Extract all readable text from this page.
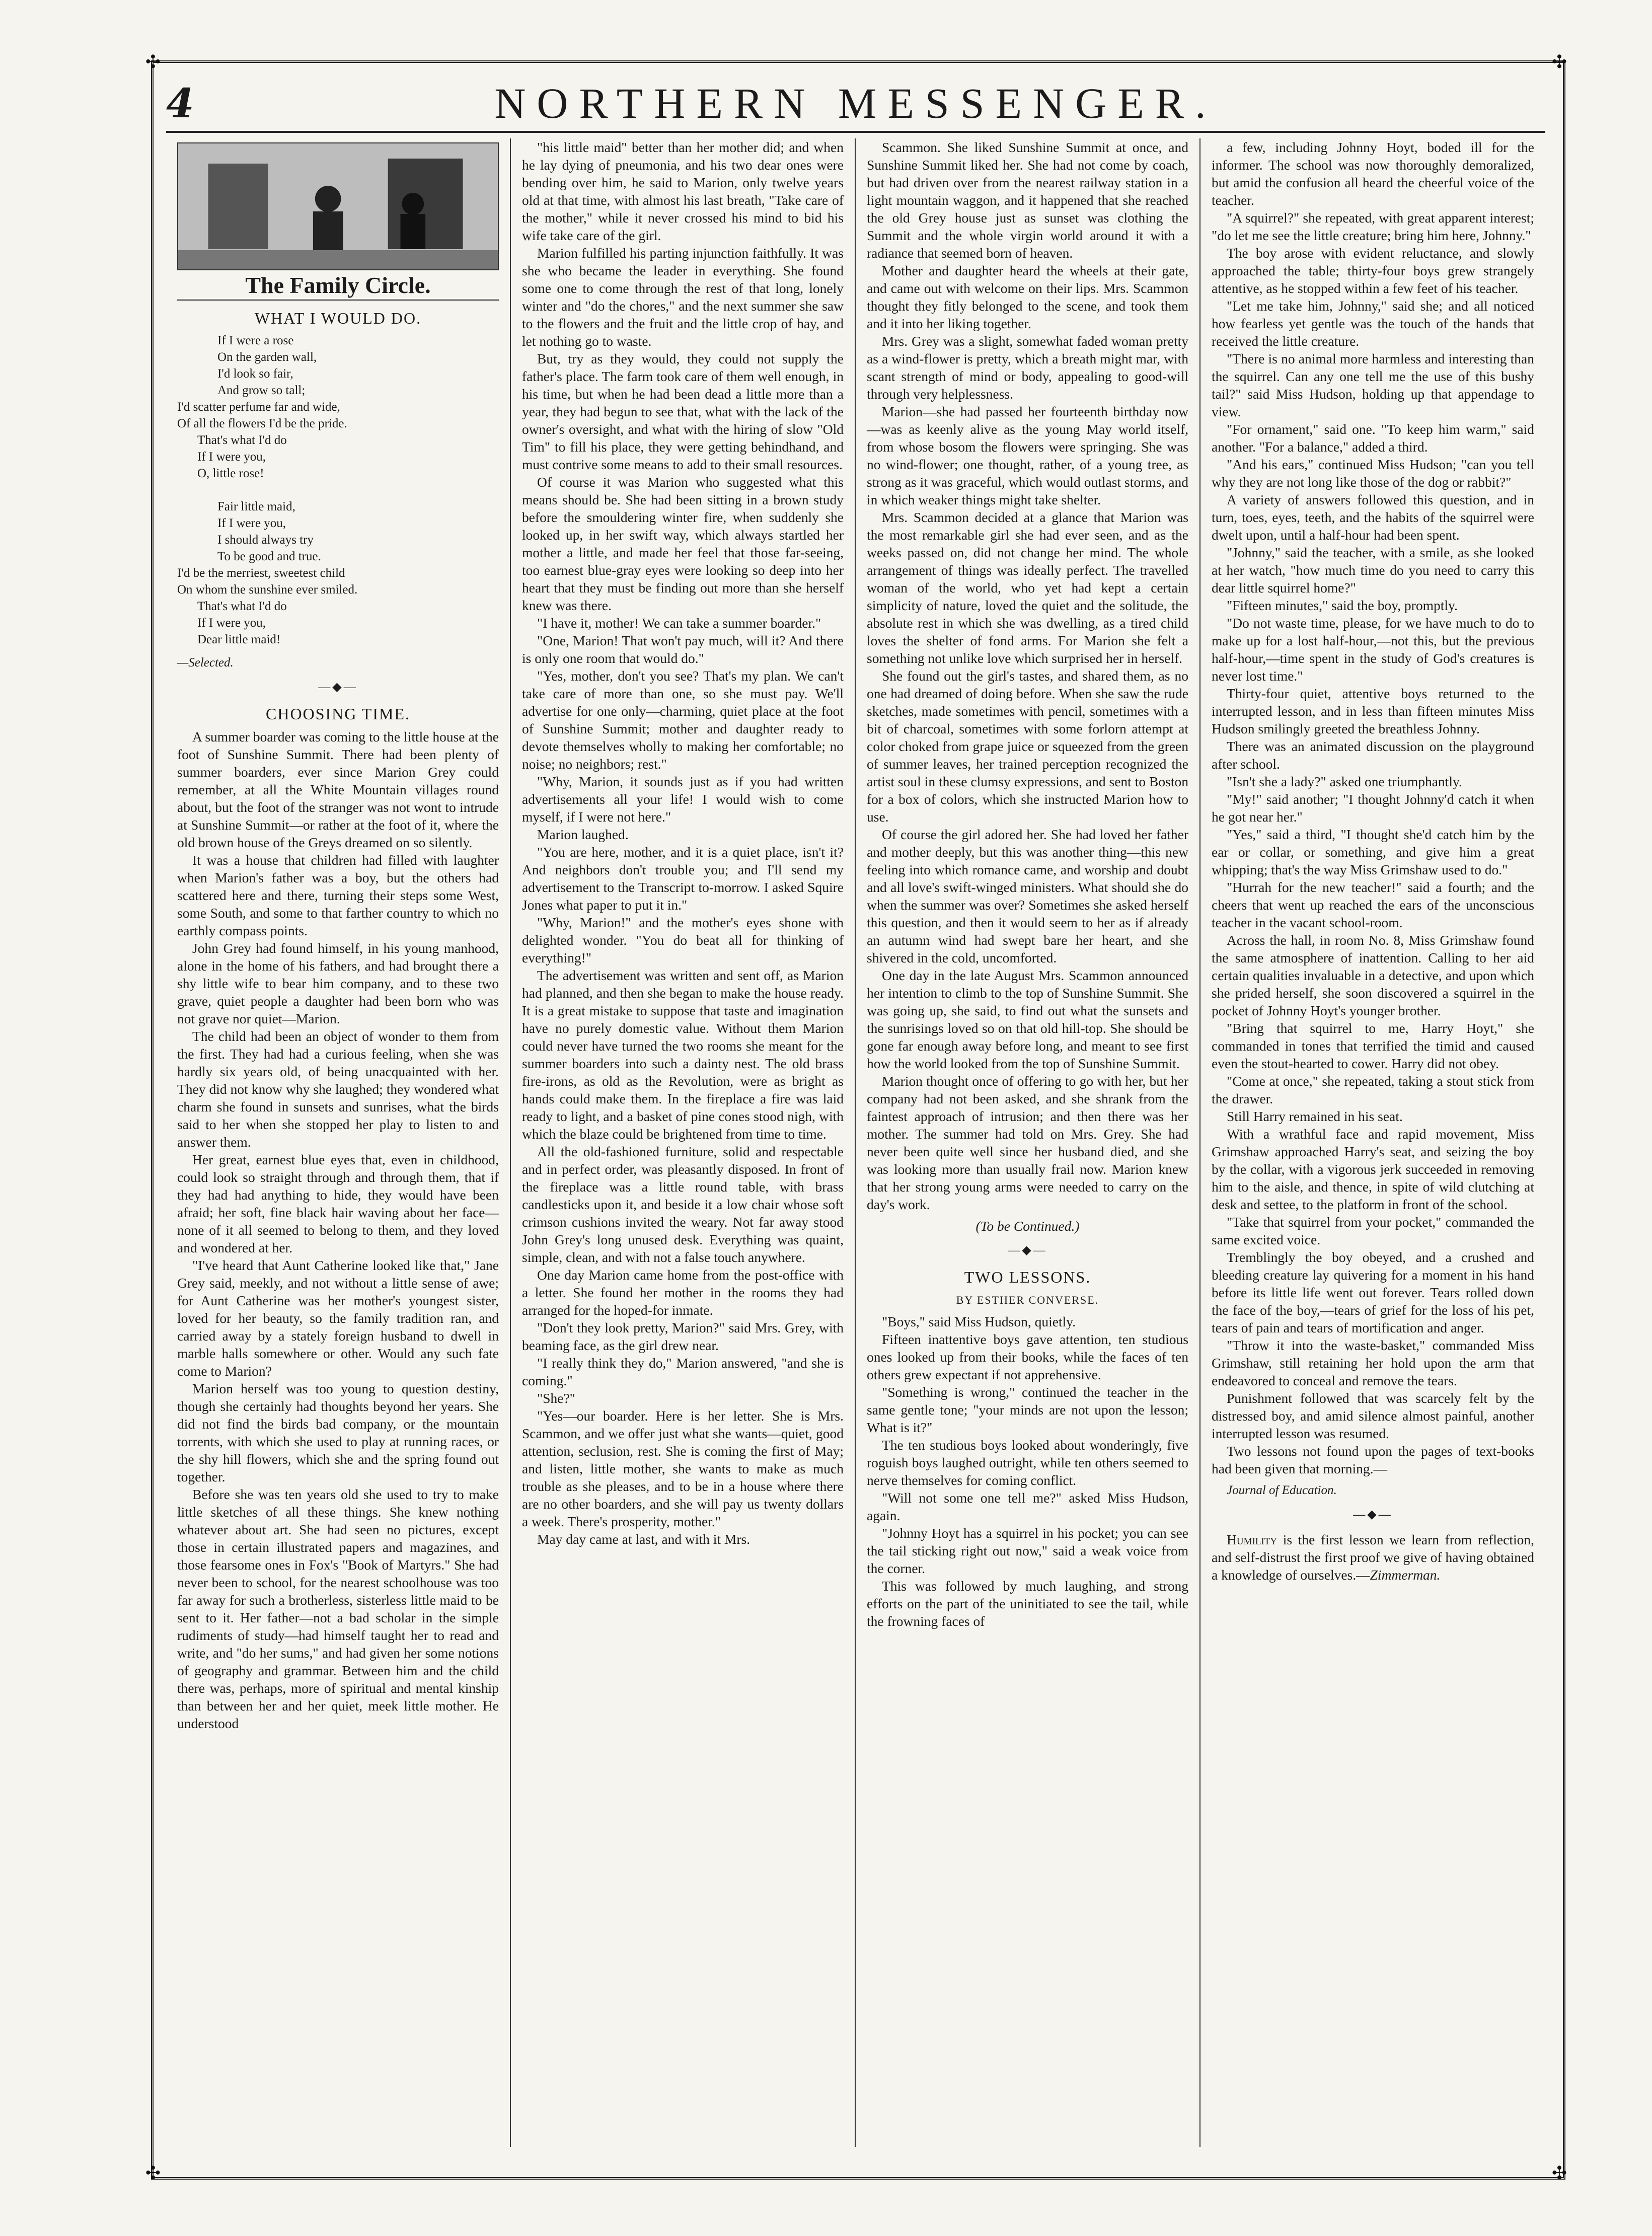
✣	✣
✣	✣
4	NORTHERN MESSENGER.
The Family Circle.
WHAT I WOULD DO.
If I were a rose
On the garden wall,
I'd look so fair,
And grow so tall;
I'd scatter perfume far and wide,
Of all the flowers I'd be the pride.
That's what I'd do
If I were you,
O, little rose!

Fair little maid,
If I were you,
I should always try
To be good and true.
I'd be the merriest, sweetest child
On whom the sunshine ever smiled.
That's what I'd do
If I were you,
Dear little maid!
—Selected.
—◆—
CHOOSING TIME.

A summer boarder was coming to the little house at the foot of Sunshine Summit. There had been plenty of summer boarders, ever since Marion Grey could remember, at all the White Mountain villages round about, but the foot of the stranger was not wont to intrude at Sunshine Summit—or rather at the foot of it, where the old brown house of the Greys dreamed on so silently.

It was a house that children had filled with laughter when Marion's father was a boy, but the others had scattered here and there, turning their steps some West, some South, and some to that farther country to which no earthly compass points.

John Grey had found himself, in his young manhood, alone in the home of his fathers, and had brought there a shy little wife to bear him company, and to these two grave, quiet people a daughter had been born who was not grave nor quiet—Marion.

The child had been an object of wonder to them from the first. They had had a curious feeling, when she was hardly six years old, of being unacquainted with her. They did not know why she laughed; they wondered what charm she found in sunsets and sunrises, what the birds said to her when she stopped her play to listen to and answer them.

Her great, earnest blue eyes that, even in childhood, could look so straight through and through them, that if they had had anything to hide, they would have been afraid; her soft, fine black hair waving about her face—none of it all seemed to belong to them, and they loved and wondered at her.

"I've heard that Aunt Catherine looked like that," Jane Grey said, meekly, and not without a little sense of awe; for Aunt Catherine was her mother's youngest sister, loved for her beauty, so the family tradition ran, and carried away by a stately foreign husband to dwell in marble halls somewhere or other. Would any such fate come to Marion?

Marion herself was too young to question destiny, though she certainly had thoughts beyond her years. She did not find the birds bad company, or the mountain torrents, with which she used to play at running races, or the shy hill flowers, which she and the spring found out together.

Before she was ten years old she used to try to make little sketches of all these things. She knew nothing whatever about art. She had seen no pictures, except those in certain illustrated papers and magazines, and those fearsome ones in Fox's "Book of Martyrs." She had never been to school, for the nearest schoolhouse was too far away for such a brotherless, sisterless little maid to be sent to it. Her father—not a bad scholar in the simple rudiments of study—had himself taught her to read and write, and "do her sums," and had given her some notions of geography and grammar. Between him and the child there was, perhaps, more of spiritual and mental kinship than between her and her quiet, meek little mother. He understood

"his little maid" better than her mother did; and when he lay dying of pneumonia, and his two dear ones were bending over him, he said to Marion, only twelve years old at that time, with almost his last breath, "Take care of the mother," while it never crossed his mind to bid his wife take care of the girl.

Marion fulfilled his parting injunction faithfully. It was she who became the leader in everything. She found some one to come through the rest of that long, lonely winter and "do the chores," and the next summer she saw to the flowers and the fruit and the little crop of hay, and let nothing go to waste.

But, try as they would, they could not supply the father's place. The farm took care of them well enough, in his time, but when he had been dead a little more than a year, they had begun to see that, what with the lack of the owner's oversight, and what with the hiring of slow "Old Tim" to fill his place, they were getting behindhand, and must contrive some means to add to their small resources.

Of course it was Marion who suggested what this means should be. She had been sitting in a brown study before the smouldering winter fire, when suddenly she looked up, in her swift way, which always startled her mother a little, and made her feel that those far-seeing, too earnest blue-gray eyes were looking so deep into her heart that they must be finding out more than she herself knew was there.

"I have it, mother! We can take a summer boarder."

"One, Marion! That won't pay much, will it? And there is only one room that would do."

"Yes, mother, don't you see? That's my plan. We can't take care of more than one, so she must pay. We'll advertise for one only—charming, quiet place at the foot of Sunshine Summit; mother and daughter ready to devote themselves wholly to making her comfortable; no noise; no neighbors; rest."

"Why, Marion, it sounds just as if you had written advertisements all your life! I would wish to come myself, if I were not here."

Marion laughed.

"You are here, mother, and it is a quiet place, isn't it? And neighbors don't trouble you; and I'll send my advertisement to the Transcript to-morrow. I asked Squire Jones what paper to put it in."

"Why, Marion!" and the mother's eyes shone with delighted wonder. "You do beat all for thinking of everything!"

The advertisement was written and sent off, as Marion had planned, and then she began to make the house ready. It is a great mistake to suppose that taste and imagination have no purely domestic value. Without them Marion could never have turned the two rooms she meant for the summer boarders into such a dainty nest. The old brass fire-irons, as old as the Revolution, were as bright as hands could make them. In the fireplace a fire was laid ready to light, and a basket of pine cones stood nigh, with which the blaze could be brightened from time to time.

All the old-fashioned furniture, solid and respectable and in perfect order, was pleasantly disposed. In front of the fireplace was a little round table, with brass candlesticks upon it, and beside it a low chair whose soft crimson cushions invited the weary. Not far away stood John Grey's long unused desk. Everything was quaint, simple, clean, and with not a false touch anywhere.

One day Marion came home from the post-office with a letter. She found her mother in the rooms they had arranged for the hoped-for inmate.

"Don't they look pretty, Marion?" said Mrs. Grey, with beaming face, as the girl drew near.

"I really think they do," Marion answered, "and she is coming."

"She?"

"Yes—our boarder. Here is her letter. She is Mrs. Scammon, and we offer just what she wants—quiet, good attention, seclusion, rest. She is coming the first of May; and listen, little mother, she wants to make as much trouble as she pleases, and to be in a house where there are no other boarders, and she will pay us twenty dollars a week. There's prosperity, mother."

May day came at last, and with it Mrs.

Scammon. She liked Sunshine Summit at once, and Sunshine Summit liked her. She had not come by coach, but had driven over from the nearest railway station in a light mountain waggon, and it happened that she reached the old Grey house just as sunset was clothing the Summit and the whole virgin world around it with a radiance that seemed born of heaven.

Mother and daughter heard the wheels at their gate, and came out with welcome on their lips. Mrs. Scammon thought they fitly belonged to the scene, and took them and it into her liking together.

Mrs. Grey was a slight, somewhat faded woman pretty as a wind-flower is pretty, which a breath might mar, with scant strength of mind or body, appealing to good-will through very helplessness.

Marion—she had passed her fourteenth birthday now—was as keenly alive as the young May world itself, from whose bosom the flowers were springing. She was no wind-flower; one thought, rather, of a young tree, as strong as it was graceful, which would outlast storms, and in which weaker things might take shelter.

Mrs. Scammon decided at a glance that Marion was the most remarkable girl she had ever seen, and as the weeks passed on, did not change her mind. The whole arrangement of things was ideally perfect. The travelled woman of the world, who yet had kept a certain simplicity of nature, loved the quiet and the solitude, the absolute rest in which she was dwelling, as a tired child loves the shelter of fond arms. For Marion she felt a something not unlike love which surprised her in herself.

She found out the girl's tastes, and shared them, as no one had dreamed of doing before. When she saw the rude sketches, made sometimes with pencil, sometimes with a bit of charcoal, sometimes with some forlorn attempt at color choked from grape juice or squeezed from the green of summer leaves, her trained perception recognized the artist soul in these clumsy expressions, and sent to Boston for a box of colors, which she instructed Marion how to use.

Of course the girl adored her. She had loved her father and mother deeply, but this was another thing—this new feeling into which romance came, and worship and doubt and all love's swift-winged ministers. What should she do when the summer was over? Sometimes she asked herself this question, and then it would seem to her as if already an autumn wind had swept bare her heart, and she shivered in the cold, uncomforted.

One day in the late August Mrs. Scammon announced her intention to climb to the top of Sunshine Summit. She was going up, she said, to find out what the sunsets and the sunrisings loved so on that old hill-top. She should be gone far enough away before long, and meant to see first how the world looked from the top of Sunshine Summit.

Marion thought once of offering to go with her, but her company had not been asked, and she shrank from the faintest approach of intrusion; and then there was her mother. The summer had told on Mrs. Grey. She had never been quite well since her husband died, and she was looking more than usually frail now. Marion knew that her strong young arms were needed to carry on the day's work.

(To be Continued.)
—◆—
TWO LESSONS.
BY ESTHER CONVERSE.

"Boys," said Miss Hudson, quietly.

Fifteen inattentive boys gave attention, ten studious ones looked up from their books, while the faces of ten others grew expectant if not apprehensive.

"Something is wrong," continued the teacher in the same gentle tone; "your minds are not upon the lesson; What is it?"

The ten studious boys looked about wonderingly, five roguish boys laughed outright, while ten others seemed to nerve themselves for coming conflict.

"Will not some one tell me?" asked Miss Hudson, again.

"Johnny Hoyt has a squirrel in his pocket; you can see the tail sticking right out now," said a weak voice from the corner.

This was followed by much laughing, and strong efforts on the part of the uninitiated to see the tail, while the frowning faces of

a few, including Johnny Hoyt, boded ill for the informer. The school was now thoroughly demoralized, but amid the confusion all heard the cheerful voice of the teacher.

"A squirrel?" she repeated, with great apparent interest; "do let me see the little creature; bring him here, Johnny."

The boy arose with evident reluctance, and slowly approached the table; thirty-four boys grew strangely attentive, as he stopped within a few feet of his teacher.

"Let me take him, Johnny," said she; and all noticed how fearless yet gentle was the touch of the hands that received the little creature.

"There is no animal more harmless and interesting than the squirrel. Can any one tell me the use of this bushy tail?" said Miss Hudson, holding up that appendage to view.

"For ornament," said one. "To keep him warm," said another. "For a balance," added a third.

"And his ears," continued Miss Hudson; "can you tell why they are not long like those of the dog or rabbit?"

A variety of answers followed this question, and in turn, toes, eyes, teeth, and the habits of the squirrel were dwelt upon, until a half-hour had been spent.

"Johnny," said the teacher, with a smile, as she looked at her watch, "how much time do you need to carry this dear little squirrel home?"

"Fifteen minutes," said the boy, promptly.

"Do not waste time, please, for we have much to do to make up for a lost half-hour,—not this, but the previous half-hour,—time spent in the study of God's creatures is never lost time."

Thirty-four quiet, attentive boys returned to the interrupted lesson, and in less than fifteen minutes Miss Hudson smilingly greeted the breathless Johnny.

There was an animated discussion on the playground after school.

"Isn't she a lady?" asked one triumphantly.

"My!" said another; "I thought Johnny'd catch it when he got near her."

"Yes," said a third, "I thought she'd catch him by the ear or collar, or something, and give him a great whipping; that's the way Miss Grimshaw used to do."

"Hurrah for the new teacher!" said a fourth; and the cheers that went up reached the ears of the unconscious teacher in the vacant school-room.

Across the hall, in room No. 8, Miss Grimshaw found the same atmosphere of inattention. Calling to her aid certain qualities invaluable in a detective, and upon which she prided herself, she soon discovered a squirrel in the pocket of Johnny Hoyt's younger brother.

"Bring that squirrel to me, Harry Hoyt," she commanded in tones that terrified the timid and caused even the stout-hearted to cower. Harry did not obey.

"Come at once," she repeated, taking a stout stick from the drawer.

Still Harry remained in his seat.

With a wrathful face and rapid movement, Miss Grimshaw approached Harry's seat, and seizing the boy by the collar, with a vigorous jerk succeeded in removing him to the aisle, and thence, in spite of wild clutching at desk and settee, to the platform in front of the school.

"Take that squirrel from your pocket," commanded the same excited voice.

Tremblingly the boy obeyed, and a crushed and bleeding creature lay quivering for a moment in his hand before its little life went out forever. Tears rolled down the face of the boy,—tears of grief for the loss of his pet, tears of pain and tears of mortification and anger.

"Throw it into the waste-basket," commanded Miss Grimshaw, still retaining her hold upon the arm that endeavored to conceal and remove the tears.

Punishment followed that was scarcely felt by the distressed boy, and amid silence almost painful, another interrupted lesson was resumed.

Two lessons not found upon the pages of text-books had been given that morning.—

Journal of Education.
—◆—

Humility is the first lesson we learn from reflection, and self-distrust the first proof we give of having obtained a knowledge of ourselves.—Zimmerman.
